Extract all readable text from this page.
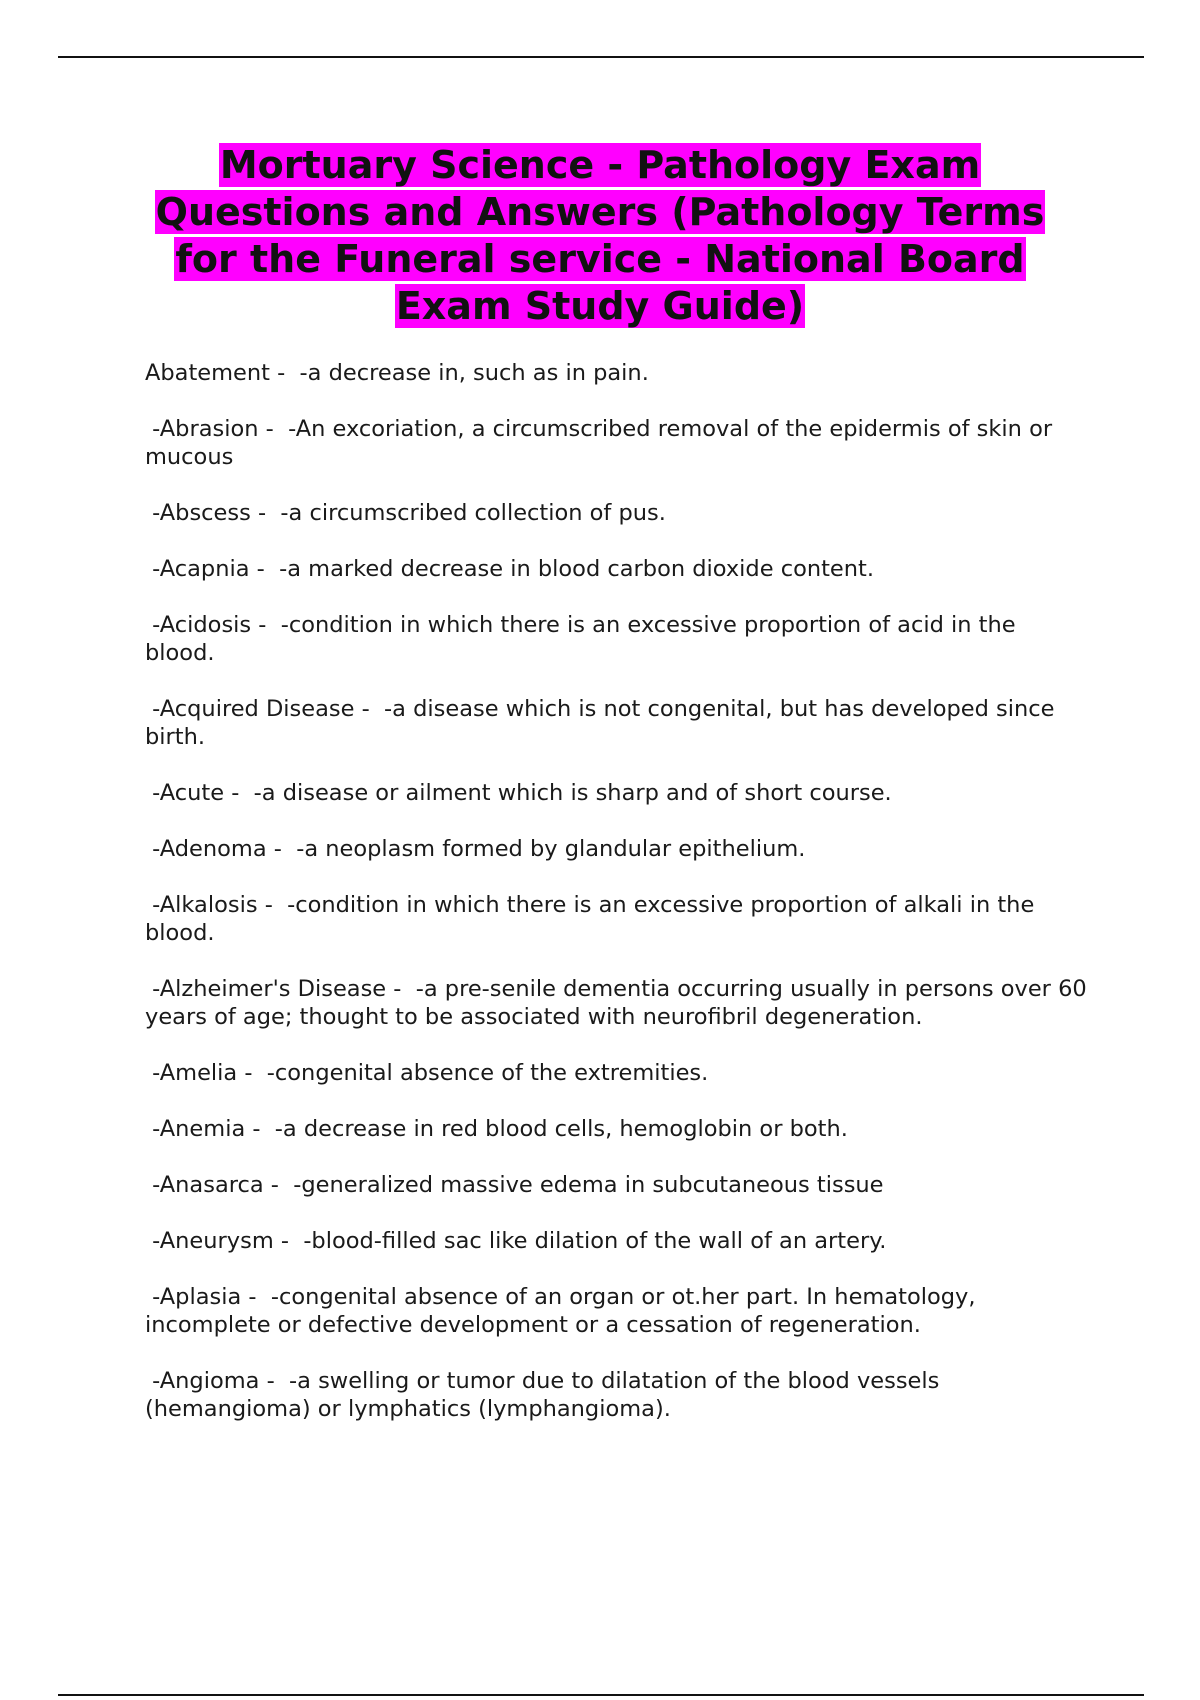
Mortuary Science - Pathology Exam Questions and Answers (Pathology Terms for the Funeral service - National Board Exam Study Guide)

Abatement -  -a decrease in, such as in pain.

-Abrasion -  -An excoriation, a circumscribed removal of the epidermis of skin or mucous

-Abscess -  -a circumscribed collection of pus.

-Acapnia -  -a marked decrease in blood carbon dioxide content.

-Acidosis -  -condition in which there is an excessive proportion of acid in the blood.

-Acquired Disease -  -a disease which is not congenital, but has developed since birth.

-Acute -  -a disease or ailment which is sharp and of short course.

-Adenoma -  -a neoplasm formed by glandular epithelium.

-Alkalosis -  -condition in which there is an excessive proportion of alkali in the blood.

-Alzheimer's Disease -  -a pre-senile dementia occurring usually in persons over 60 years of age; thought to be associated with neurofibril degeneration.

-Amelia -  -congenital absence of the extremities.

-Anemia -  -a decrease in red blood cells, hemoglobin or both.

-Anasarca -  -generalized massive edema in subcutaneous tissue

-Aneurysm -  -blood-filled sac like dilation of the wall of an artery.

-Aplasia -  -congenital absence of an organ or ot.her part. In hematology, incomplete or defective development or a cessation of regeneration.

-Angioma -  -a swelling or tumor due to dilatation of the blood vessels (hemangioma) or lymphatics (lymphangioma).
